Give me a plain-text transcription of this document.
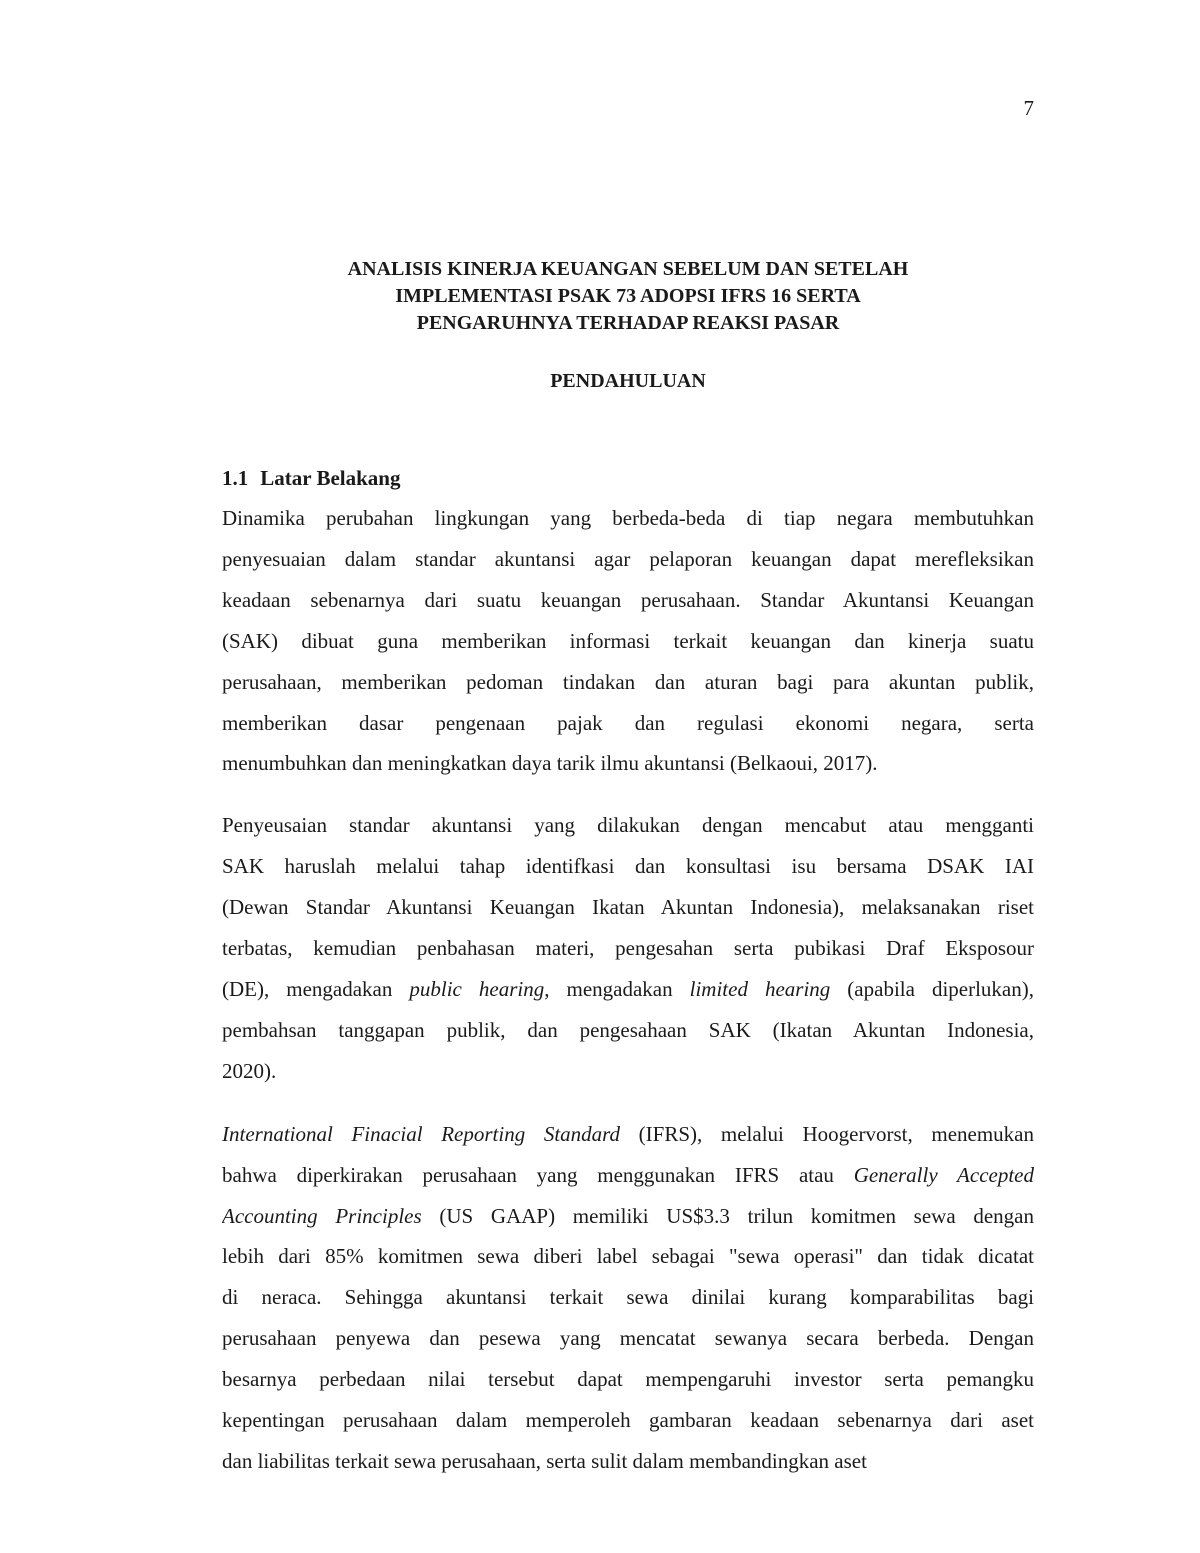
7
ANALISIS KINERJA KEUANGAN SEBELUM DAN SETELAH
IMPLEMENTASI PSAK 73 ADOPSI IFRS 16 SERTA
PENGARUHNYA TERHADAP REAKSI PASAR
PENDAHULUAN
1.1 Latar Belakang
Dinamika perubahan lingkungan yang berbeda-beda di tiap negara membutuhkan
penyesuaian dalam standar akuntansi agar pelaporan keuangan dapat merefleksikan
keadaan sebenarnya dari suatu keuangan perusahaan. Standar Akuntansi Keuangan
(SAK) dibuat guna memberikan informasi terkait keuangan dan kinerja suatu
perusahaan, memberikan pedoman tindakan dan aturan bagi para akuntan publik,
memberikan dasar pengenaan pajak dan regulasi ekonomi negara, serta
menumbuhkan dan meningkatkan daya tarik ilmu akuntansi (Belkaoui, 2017).
Penyeusaian standar akuntansi yang dilakukan dengan mencabut atau mengganti
SAK haruslah melalui tahap identifkasi dan konsultasi isu bersama DSAK IAI
(Dewan Standar Akuntansi Keuangan Ikatan Akuntan Indonesia), melaksanakan riset
terbatas, kemudian penbahasan materi, pengesahan serta pubikasi Draf Eksposour
(DE), mengadakan public hearing, mengadakan limited hearing (apabila diperlukan),
pembahsan tanggapan publik, dan pengesahaan SAK (Ikatan Akuntan Indonesia,
2020).
International Finacial Reporting Standard (IFRS), melalui Hoogervorst, menemukan
bahwa diperkirakan perusahaan yang menggunakan IFRS atau Generally Accepted
Accounting Principles (US GAAP) memiliki US$3.3 trilun komitmen sewa dengan
lebih dari 85% komitmen sewa diberi label sebagai "sewa operasi" dan tidak dicatat
di neraca. Sehingga akuntansi terkait sewa dinilai kurang komparabilitas bagi
perusahaan penyewa dan pesewa yang mencatat sewanya secara berbeda. Dengan
besarnya perbedaan nilai tersebut dapat mempengaruhi investor serta pemangku
kepentingan perusahaan dalam memperoleh gambaran keadaan sebenarnya dari aset
dan liabilitas terkait sewa perusahaan, serta sulit dalam membandingkan aset
